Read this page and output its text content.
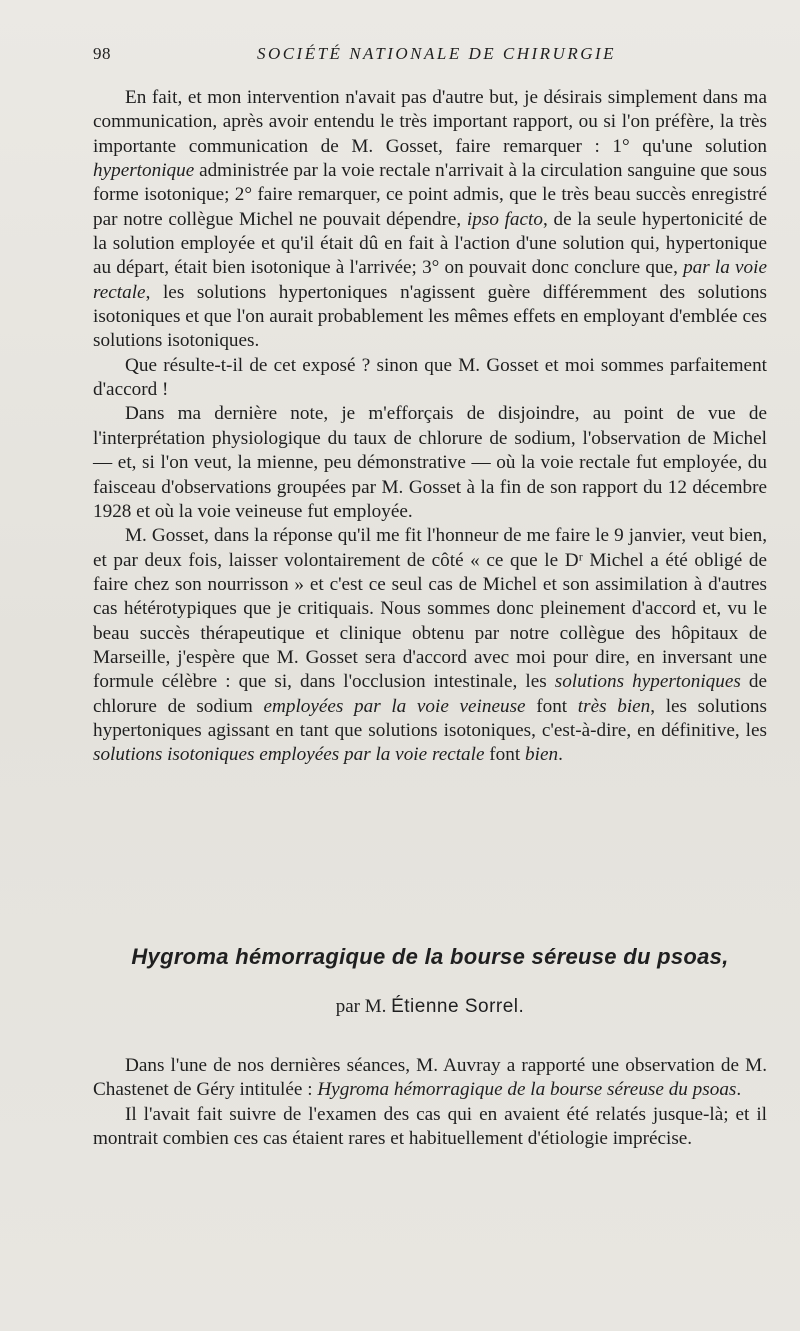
98	SOCIÉTÉ NATIONALE DE CHIRURGIE

En fait, et mon intervention n'avait pas d'autre but, je désirais simplement dans ma communication, après avoir entendu le très important rapport, ou si l'on préfère, la très importante communication de M. Gosset, faire remarquer : 1° qu'une solution hypertonique administrée par la voie rectale n'arrivait à la circulation sanguine que sous forme isotonique; 2° faire remarquer, ce point admis, que le très beau succès enregistré par notre collègue Michel ne pouvait dépendre, ipso facto, de la seule hypertonicité de la solution employée et qu'il était dû en fait à l'action d'une solution qui, hypertonique au départ, était bien isotonique à l'arrivée; 3° on pouvait donc conclure que, par la voie rectale, les solutions hypertoniques n'agissent guère différemment des solutions isotoniques et que l'on aurait probablement les mêmes effets en employant d'emblée ces solutions isotoniques.

Que résulte-t-il de cet exposé ? sinon que M. Gosset et moi sommes parfaitement d'accord !

Dans ma dernière note, je m'efforçais de disjoindre, au point de vue de l'interprétation physiologique du taux de chlorure de sodium, l'observation de Michel — et, si l'on veut, la mienne, peu démonstrative — où la voie rectale fut employée, du faisceau d'observations groupées par M. Gosset à la fin de son rapport du 12 décembre 1928 et où la voie veineuse fut employée.

M. Gosset, dans la réponse qu'il me fit l'honneur de me faire le 9 janvier, veut bien, et par deux fois, laisser volontairement de côté « ce que le Dʳ Michel a été obligé de faire chez son nourrisson » et c'est ce seul cas de Michel et son assimilation à d'autres cas hétérotypiques que je critiquais. Nous sommes donc pleinement d'accord et, vu le beau succès thérapeutique et clinique obtenu par notre collègue des hôpitaux de Marseille, j'espère que M. Gosset sera d'accord avec moi pour dire, en inversant une formule célèbre : que si, dans l'occlusion intestinale, les solutions hypertoniques de chlorure de sodium employées par la voie veineuse font très bien, les solutions hypertoniques agissant en tant que solutions isotoniques, c'est-à-dire, en définitive, les solutions isotoniques employées par la voie rectale font bien.

Hygroma hémorragique de la bourse séreuse du psoas,
par M. Étienne Sorrel.

Dans l'une de nos dernières séances, M. Auvray a rapporté une observation de M. Chastenet de Géry intitulée : Hygroma hémorragique de la bourse séreuse du psoas.

Il l'avait fait suivre de l'examen des cas qui en avaient été relatés jusque-là; et il montrait combien ces cas étaient rares et habituellement d'étiologie imprécise.
